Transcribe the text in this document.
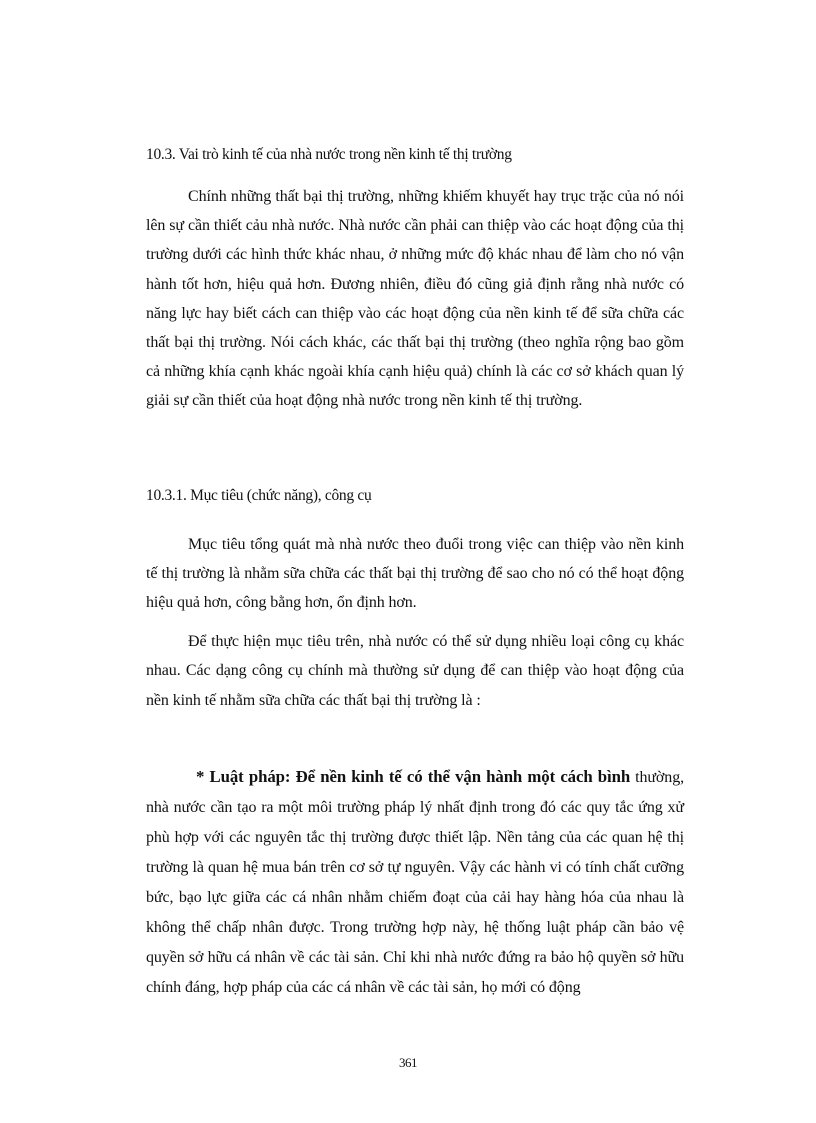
10.3. Vai trò kinh tế của nhà nước trong nền kinh tế thị trường

Chính những thất bại thị trường, những khiếm khuyết hay trục trặc của nó nói lên sự cần thiết cảu nhà nước. Nhà nước cần phải can thiệp vào các hoạt động của thị trường dưới các hình thức khác nhau, ở những mức độ khác nhau để làm cho nó vận hành tốt hơn, hiệu quả hơn. Đương nhiên, điều đó cũng giả định rằng nhà nước có năng lực hay biết cách can thiệp vào các hoạt động của nền kinh tế để sữa chữa các thất bại thị trường. Nói cách khác, các thất bại thị trường (theo nghĩa rộng bao gồm cả những khía cạnh khác ngoài khía cạnh hiệu quả) chính là các cơ sở khách quan lý giải sự cần thiết của hoạt động nhà nước trong nền kinh tế thị trường.

10.3.1. Mục tiêu (chức năng), công cụ

Mục tiêu tổng quát mà nhà nước theo đuổi trong việc can thiệp vào nền kinh tế thị trường là nhằm sữa chữa các thất bại thị trường để sao cho nó có thể hoạt động hiệu quả hơn, công bằng hơn, ổn định hơn.

Để thực hiện mục tiêu trên, nhà nước có thể sử dụng nhiều loại công cụ khác nhau. Các dạng công cụ chính mà thường sử dụng để can thiệp vào hoạt động của nền kinh tế nhằm sữa chữa các thất bại thị trường là :

* Luật pháp: Để nền kinh tế có thể vận hành một cách bình thường, nhà nước cần tạo ra một môi trường pháp lý nhất định trong đó các quy tắc ứng xử phù hợp với các nguyên tắc thị trường được thiết lập. Nền tảng của các quan hệ thị trường là quan hệ mua bán trên cơ sở tự nguyên. Vậy các hành vi có tính chất cưỡng bức, bạo lực giữa các cá nhân nhằm chiếm đoạt của cải hay hàng hóa của nhau là không thể chấp nhân được. Trong trường hợp này, hệ thống luật pháp cần bảo vệ quyền sở hữu cá nhân về các tài sản. Chỉ khi nhà nước đứng ra bảo hộ quyền sở hữu chính đáng, hợp pháp của các cá nhân về các tài sản, họ mới có động

361
